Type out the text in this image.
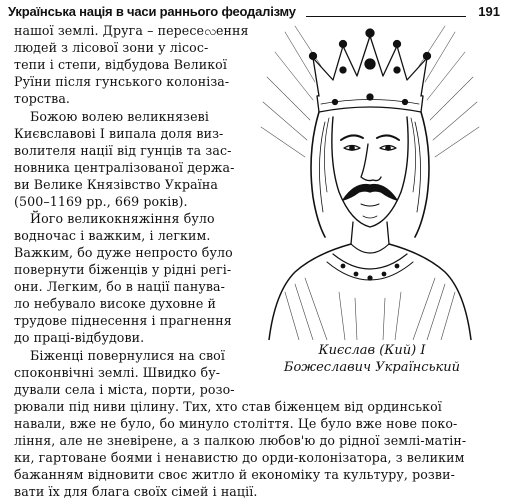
Українська нація в часи раннього феодалізму	191
нашої землі. Друга – пересеလення
людей з лісової зони у лісос-
тепи і степи, відбудова Великої
Руїни після гунського колоніза-
торства.
Божою волею великнязеві
Києвславові I випала доля виз-
волителя нації від гунців та зас-
новника централізованої держа-
ви Велике Князівство Україна
(500–1169 рр., 669 років).
Його великокняжіння було
водночас і важким, і легким.
Важким, бо дуже непросто було
повернути біженців у рідні регі-
они. Легким, бо в нації панува-
ло небувало високе духовне й
трудове піднесення і прагнення
до праці-відбудови.
Біженці повернулися на свої
споконвічні землі. Швидко бу-
дували села і міста, порти, розо-
рювали під ниви цілину. Тих, хто став біженцем від ординської
навали, вже не було, бо минуло століття. Це було вже нове поко-
ління, але не зневірене, а з палкою любов'ю до рідної землі-матін-
ки, гартоване боями і ненавистю до орди-колонізатора, з великим
бажанням відновити своє житло й економіку та культуру, розви-
вати їх для блага своїх сімей і нації.
Києслав (Кий) I
Божеславич Український
